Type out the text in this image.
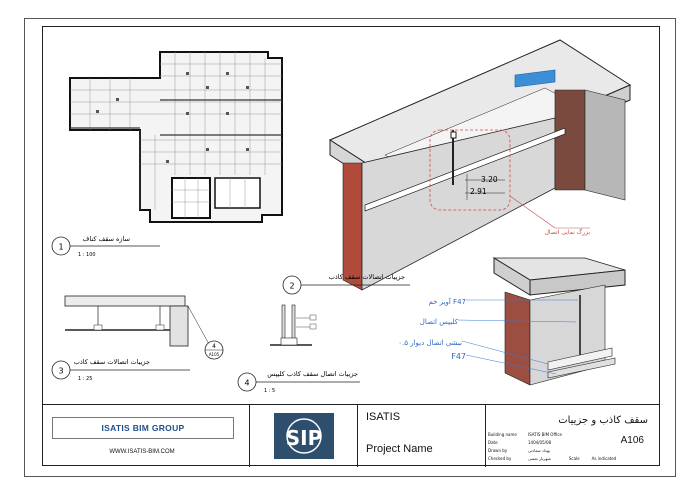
1
سازه سقف کناف
1 : 100
3.20
2.91
بزرگ نمایی اتصال
2
جزییات اتصالات سقف کاذب
آویز خم F47
کلیپس اتصال
نبشی اتصال دیوار ۰.۵
F47
4
A105
3
جزییات اتصالات سقف کاذب
1 : 25	4
جزییات اتصال سقف کاذب کلیپس
1 : 5
ISATIS BIM GROUP
WWW.ISATIS-BIM.COM
SIP
ISATIS
Project Name
سقف کاذب و جزییات
A106
Building name	ISATIS BIM Office
Date	1404/05/08
Drawn by	بهداد سعادتی
Checked by	شهریار نعمتی	Scale	As indicated
